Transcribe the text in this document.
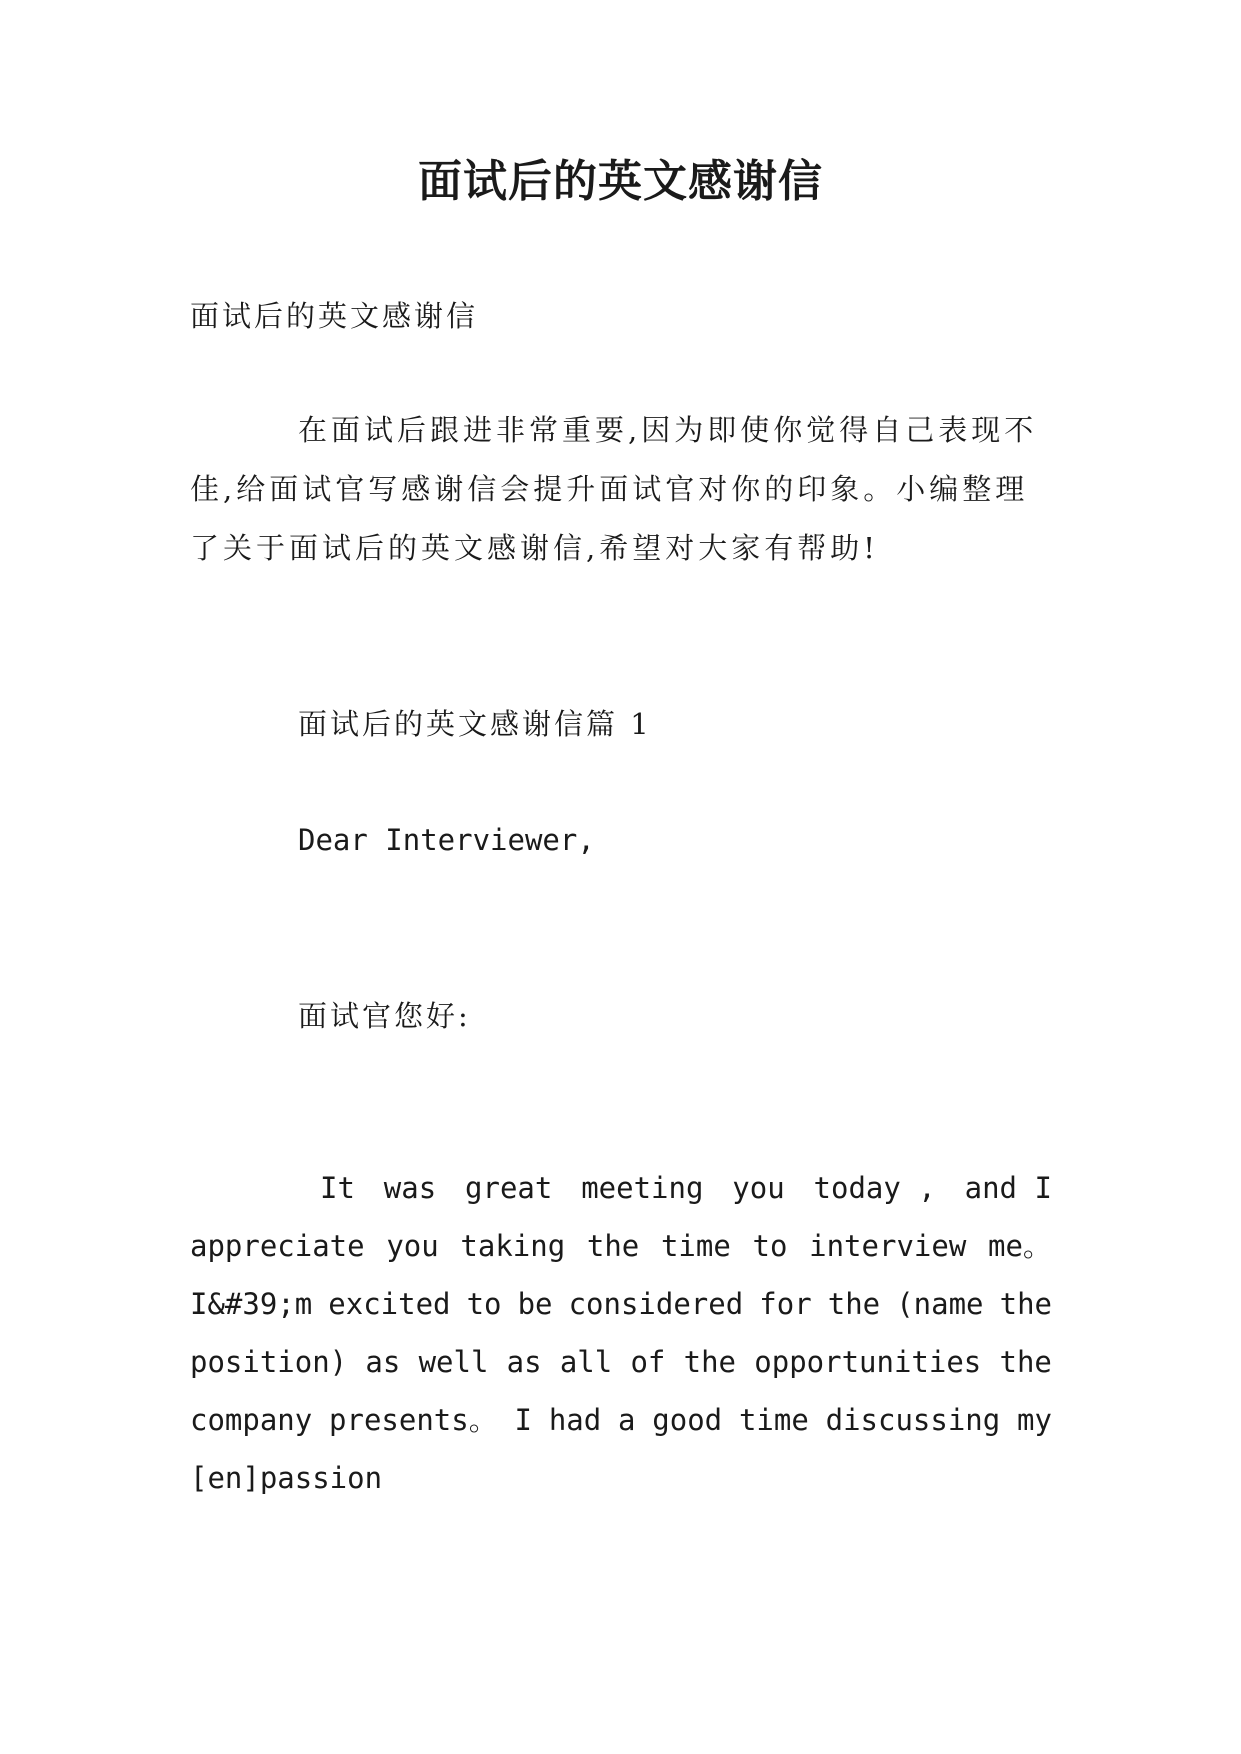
面试后的英文感谢信
面试后的英文感谢信
在面试后跟进非常重要,因为即使你觉得自己表现不
佳,给面试官写感谢信会提升面试官对你的印象。小编整理
了关于面试后的英文感谢信,希望对大家有帮助!
面试后的英文感谢信篇 1
Dear Interviewer,
面试官您好:
It was great meeting you today , and I
appreciate you taking the time to interview me。
I&#39;m excited to be considered for the (name the
position) as well as all of the opportunities the
company presents。 I had a good time discussing my
[en]passion
